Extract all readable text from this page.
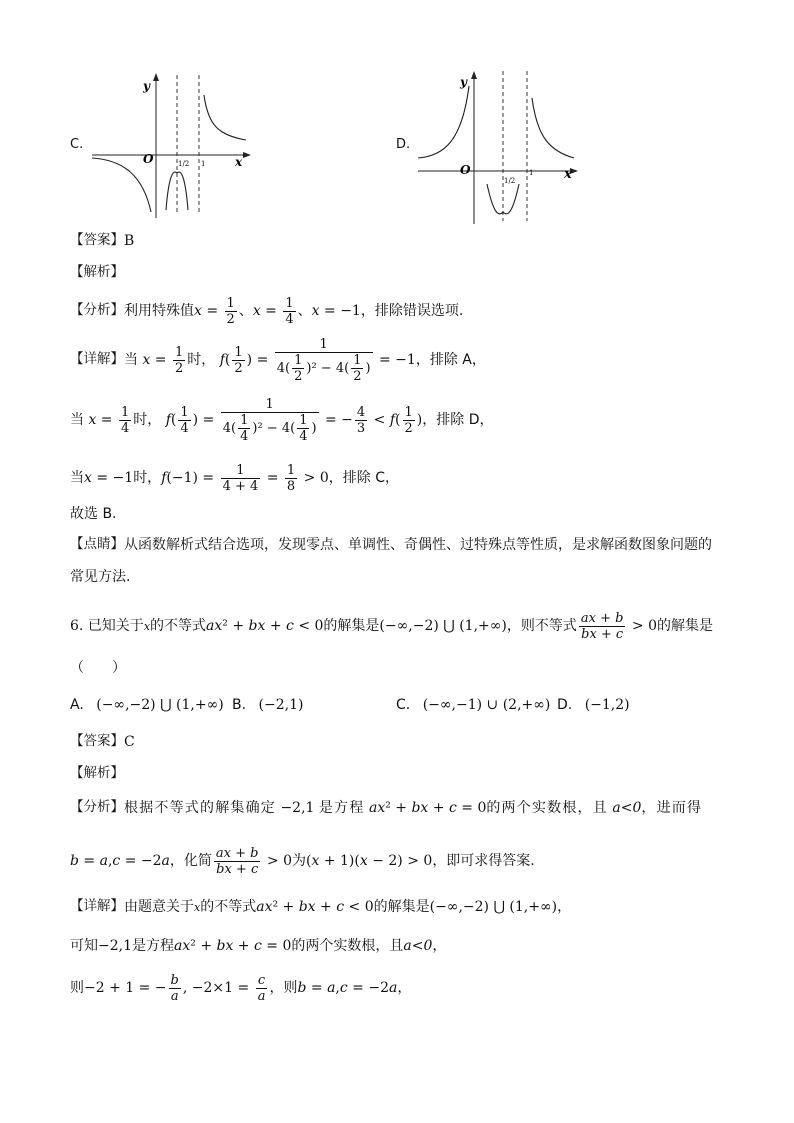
C.
y
x
O	1/2 1
D.
y
x
O
1/2
1
【答案】 B
【解析】
【分析】 利用特殊值 $x = \frac{1}{2}$ 、 $x = \frac{1}{4}$ 、 x = −1 ，排除错误选项.
【详解】 当 $x = \frac{1}{2}$ 时， f ( $\frac{1}{2}$ ) = $\frac{1}{4( \frac{1}{2} )^2 - 4( \frac{1}{2} )} = -1$ ，排除 A，
当 $x = \frac{1}{4}$ 时， f ( $\frac{1}{4}$ ) = $\frac{1}{4( \frac{1}{4} )^2 - 4( \frac{1}{4} )}$ = − $\frac{4}{3} < f$ ( $\frac{1}{2}$ ) ，排除 D，
当 x = −1 时， f $(-1) = \frac{1}{4 + 4} = \frac{1}{8} > 0$ ，排除 C，
故选 B.
【点睛】 从函数解析式结合选项，发现零点、单调性、奇偶性、过特殊点等性质，是求解函数图象问题的
常见方法.
6.
已知关于 x 的不等式 ax ² + bx + c < 0 的解集是 (−∞,−2) ⋃ (1,+∞) ，则不等式 $\frac{ax + b}{bx + c} > 0$ 的解集是
（　　）
A. (−∞,−2) ⋃ (1,+∞) B. (−2,1)	C. (−∞,−1) ∪ (2,+∞) D. (−1,2)
【答案】 C
【解析】
【分析】 根据不等式的解集确定 −2,1 是方程 ax ² + bx + c = 0 的两个实数根，且 a<0 ，进而得
b = a , c = −2 a ，化简 $\frac{ax + b}{bx + c} > 0$ 为 ( x + 1)( x − 2) > 0 ，即可求得答案.
【详解】 由题意关于 x 的不等式 ax ² + bx + c < 0 的解集是 (−∞,−2) ⋃ (1,+∞) ，
可知 −2,1 是方程 ax ² + bx + c = 0 的两个实数根，且 a<0 ，
则 −2 + 1 = − $\frac{b}{a}$ , $-2\times 1 = \frac{c}{a}$ ，则 b = a , c = −2 a ，
